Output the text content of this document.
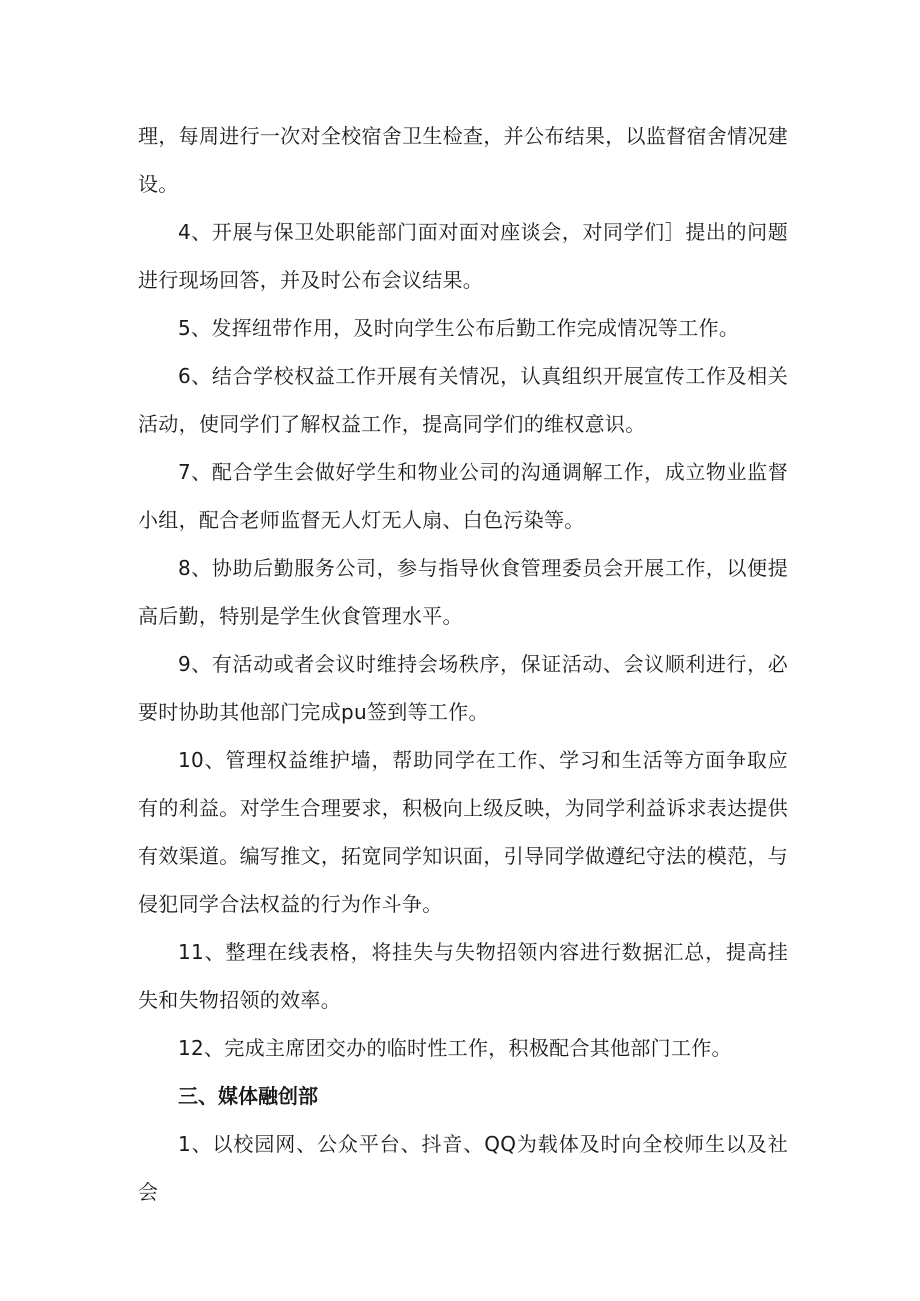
理，每周进行一次对全校宿舍卫生检查，并公布结果，以监督宿舍情况建设。

4、开展与保卫处职能部门面对面对座谈会，对同学们］提出的问题进行现场回答，并及时公布会议结果。

5、发挥纽带作用，及时向学生公布后勤工作完成情况等工作。

6、结合学校权益工作开展有关情况，认真组织开展宣传工作及相关活动，使同学们了解权益工作，提高同学们的维权意识。

7、配合学生会做好学生和物业公司的沟通调解工作，成立物业监督小组，配合老师监督无人灯无人扇、白色污染等。

8、协助后勤服务公司，参与指导伙食管理委员会开展工作，以便提高后勤，特别是学生伙食管理水平。

9、有活动或者会议时维持会场秩序，保证活动、会议顺利进行，必要时协助其他部门完成pu签到等工作。

10、管理权益维护墙，帮助同学在工作、学习和生活等方面争取应有的利益。对学生合理要求，积极向上级反映，为同学利益诉求表达提供有效渠道。编写推文，拓宽同学知识面，引导同学做遵纪守法的模范，与侵犯同学合法权益的行为作斗争。

11、整理在线表格，将挂失与失物招领内容进行数据汇总，提高挂失和失物招领的效率。

12、完成主席团交办的临时性工作，积极配合其他部门工作。

三、媒体融创部

1、以校园网、公众平台、抖音、QQ为载体及时向全校师生以及社会
